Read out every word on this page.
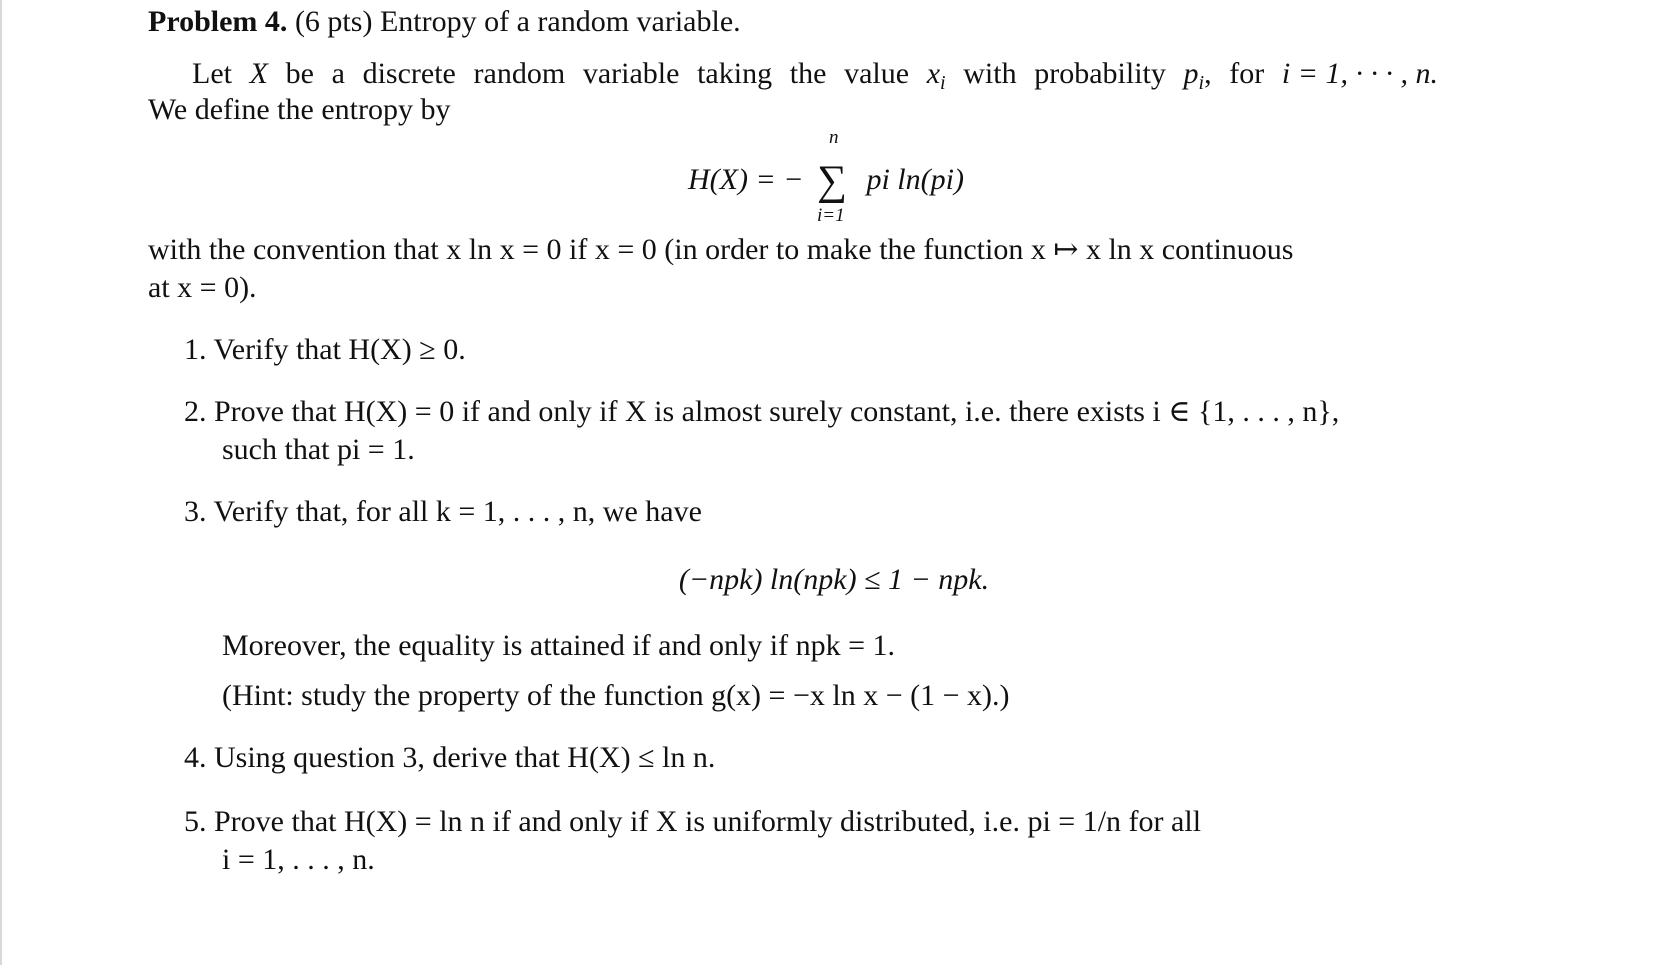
Problem 4. (6 pts) Entropy of a random variable.
Let X be a discrete random variable taking the value $x_i$ with probability $p_i$, for i = 1, · · · , n.
We define the entropy by
H(X) = −
n
∑
i=1
pi ln(pi)
with the convention that x ln x = 0 if x = 0 (in order to make the function x ↦ x ln x continuous
at x = 0).
1. Verify that H(X) ≥ 0.
2. Prove that H(X) = 0 if and only if X is almost surely constant, i.e. there exists i ∈ {1, . . . , n},
such that pi = 1.
3. Verify that, for all k = 1, . . . , n, we have
(−npk) ln(npk) ≤ 1 − npk.
Moreover, the equality is attained if and only if npk = 1.
(Hint: study the property of the function g(x) = −x ln x − (1 − x).)
4. Using question 3, derive that H(X) ≤ ln n.
5. Prove that H(X) = ln n if and only if X is uniformly distributed, i.e. pi = 1/n for all
i = 1, . . . , n.
